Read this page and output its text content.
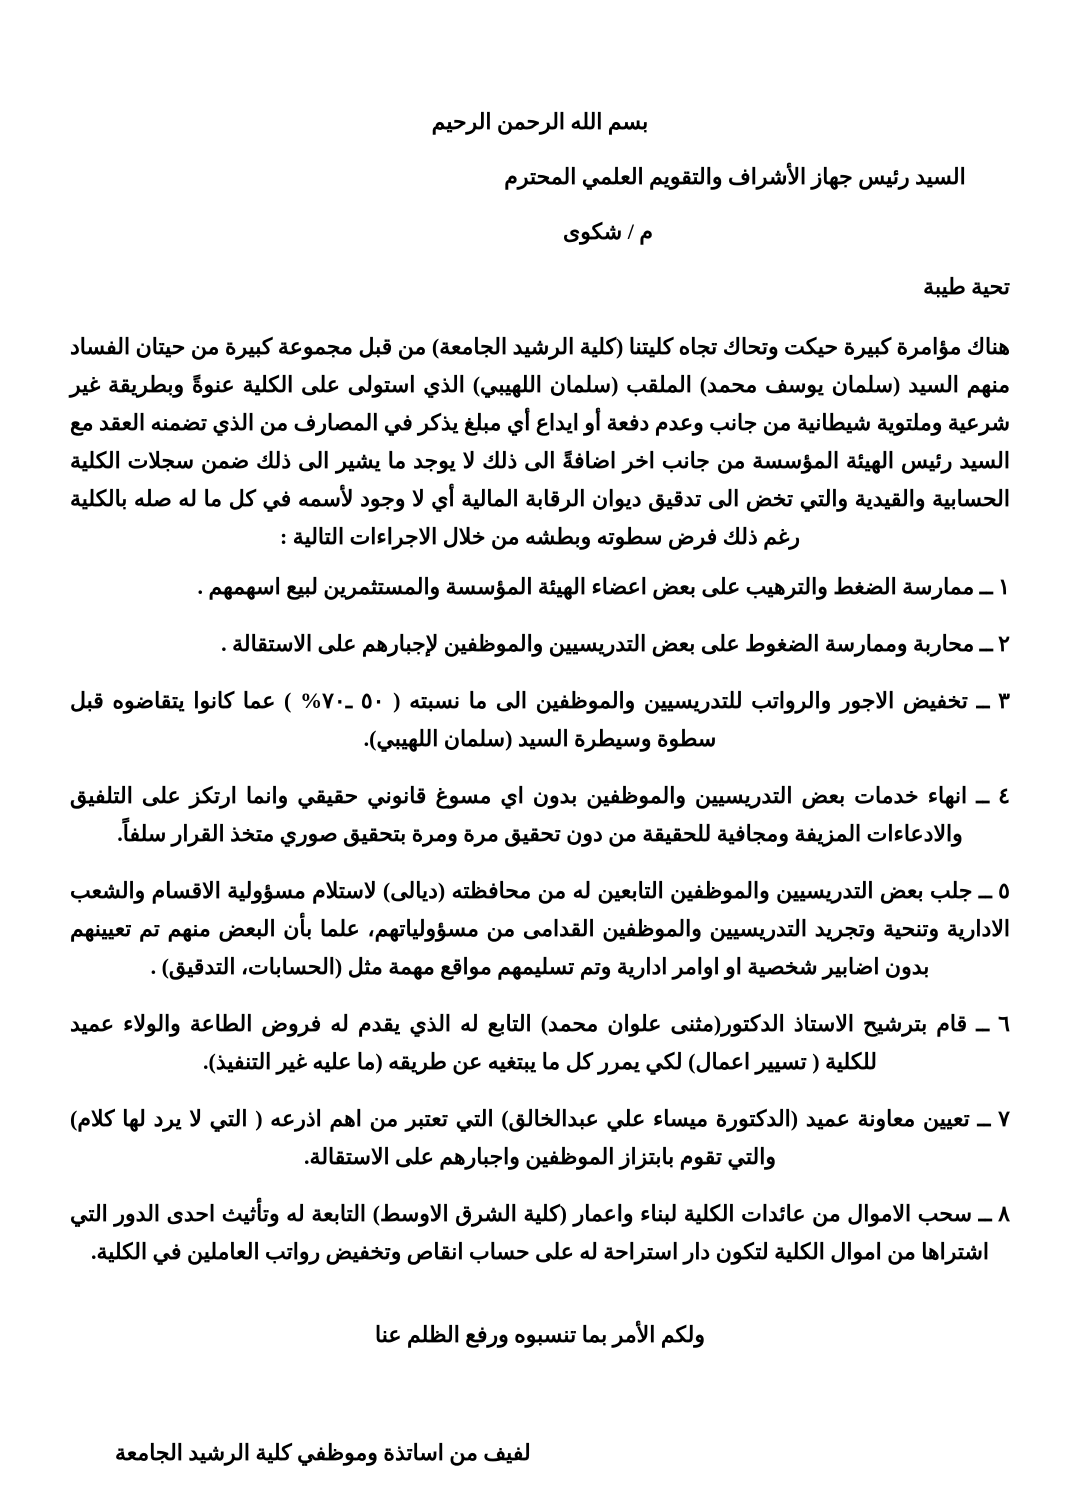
بسم الله الرحمن الرحيم
السيد رئيس جهاز الأشراف والتقويم العلمي المحترم
م / شكوى
تحية طيبة

هناك مؤامرة كبيرة حيكت وتحاك تجاه كليتنا (كلية الرشيد الجامعة) من قبل مجموعة كبيرة من حيتان الفساد منهم السيد (سلمان يوسف محمد) الملقب (سلمان اللهيبي) الذي استولى على الكلية عنوةً وبطريقة غير شرعية وملتوية شيطانية من جانب وعدم دفعة أو ايداع أي مبلغ يذكر في المصارف من الذي تضمنه العقد مع السيد رئيس الهيئة المؤسسة من جانب اخر اضافةً الى ذلك لا يوجد ما يشير الى ذلك ضمن سجلات الكلية الحسابية والقيدية والتي تخض الى تدقيق ديوان الرقابة المالية أي لا وجود لأسمه في كل ما له صله بالكلية رغم ذلك فرض سطوته وبطشه من خلال الاجراءات التالية :

١ ــ ممارسة الضغط والترهيب على بعض اعضاء الهيئة المؤسسة والمستثمرين لبيع اسهمهم .

٢ ــ محاربة وممارسة الضغوط على بعض التدريسيين والموظفين لإجبارهم على الاستقالة .

٣ ــ تخفيض الاجور والرواتب للتدريسيين والموظفين الى ما نسبته ( ٥٠ ـ٧٠% ) عما كانوا يتقاضوه قبل سطوة وسيطرة السيد (سلمان اللهيبي).

٤ ــ انهاء خدمات بعض التدريسيين والموظفين بدون اي مسوغ قانوني حقيقي وانما ارتكز على التلفيق والادعاءات المزيفة ومجافية للحقيقة من دون تحقيق مرة ومرة بتحقيق صوري متخذ القرار سلفاً.

٥ ــ جلب بعض التدريسيين والموظفين التابعين له من محافظته (ديالى) لاستلام مسؤولية الاقسام والشعب الادارية وتنحية وتجريد التدريسيين والموظفين القدامى من مسؤولياتهم، علما بأن البعض منهم تم تعيينهم بدون اضابير شخصية او اوامر ادارية وتم تسليمهم مواقع مهمة مثل (الحسابات، التدقيق) .

٦ ــ قام بترشيح الاستاذ الدكتور(مثنى علوان محمد) التابع له الذي يقدم له فروض الطاعة والولاء عميد للكلية ( تسيير اعمال) لكي يمرر كل ما يبتغيه عن طريقه (ما عليه غير التنفيذ).

٧ ــ تعيين معاونة عميد (الدكتورة ميساء علي عبدالخالق) التي تعتبر من اهم اذرعه ( التي لا يرد لها كلام) والتي تقوم بابتزاز الموظفين واجبارهم على الاستقالة.

٨ ــ سحب الاموال من عائدات الكلية لبناء واعمار (كلية الشرق الاوسط) التابعة له وتأثيث احدى الدور التي اشتراها من اموال الكلية لتكون دار استراحة له على حساب انقاص وتخفيض رواتب العاملين في الكلية.

ولكم الأمر بما تنسبوه ورفع الظلم عنا
لفيف من اساتذة وموظفي كلية الرشيد الجامعة
